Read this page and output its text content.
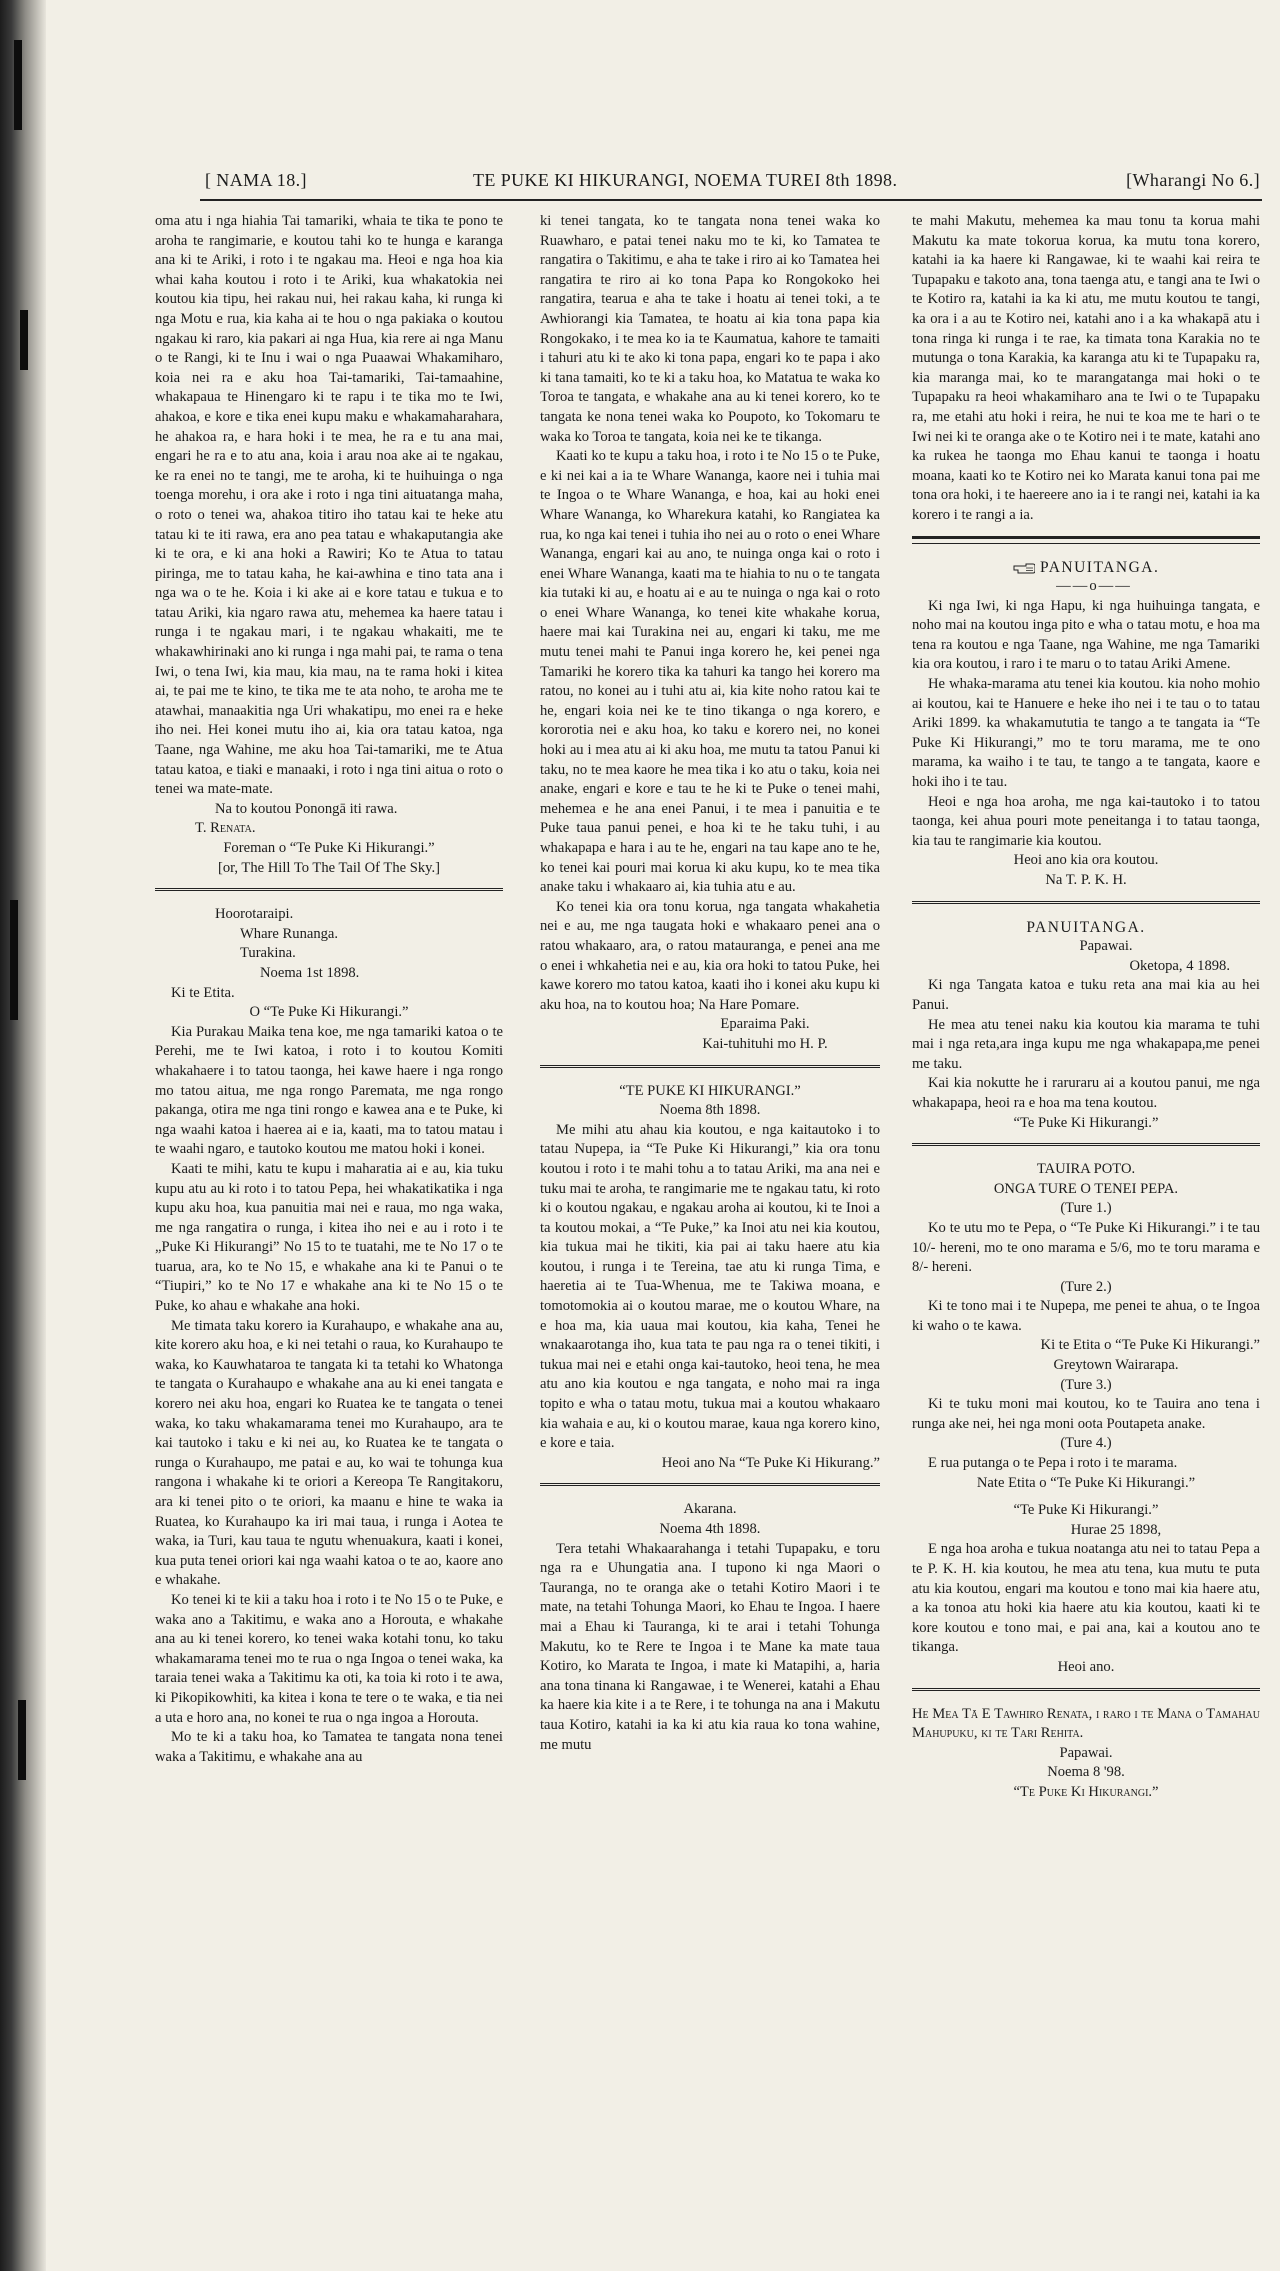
[ NAMA 18.]	TE PUKE KI HIKURANGI, NOEMA TUREI 8th 1898.	[Wharangi No 6.]

oma atu i nga hiahia Tai tamariki, whaia te tika te pono te aroha te rangimarie, e koutou tahi ko te hunga e karanga ana ki te Ariki, i roto i te ngakau ma. Heoi e nga hoa kia whai kaha koutou i roto i te Ariki, kua whakatokia nei koutou kia tipu, hei rakau nui, hei rakau kaha, ki runga ki nga Motu e rua, kia kaha ai te hou o nga pakiaka o koutou ngakau ki raro, kia pakari ai nga Hua, kia rere ai nga Manu o te Rangi, ki te Inu i wai o nga Puaawai Whakamiharo, koia nei ra e aku hoa Tai-tamariki, Tai-tamaahine, whakapaua te Hinengaro ki te rapu i te tika mo te Iwi, ahakoa, e kore e tika enei kupu maku e whakamaharahara, he ahakoa ra, e hara hoki i te mea, he ra e tu ana mai, engari he ra e to atu ana, koia i arau noa ake ai te ngakau, ke ra enei no te tangi, me te aroha, ki te huihuinga o nga toenga morehu, i ora ake i roto i nga tini aituatanga maha, o roto o tenei wa, ahakoa titiro iho tatau kai te heke atu tatau ki te iti rawa, era ano pea tatau e whakaputangia ake ki te ora, e ki ana hoki a Rawiri; Ko te Atua to tatau piringa, me to tatau kaha, he kai-awhina e tino tata ana i nga wa o te he. Koia i ki ake ai e kore tatau e tukua e to tatau Ariki, kia ngaro rawa atu, mehemea ka haere tatau i runga i te ngakau mari, i te ngakau whakaiti, me te whakawhirinaki ano ki runga i nga mahi pai, te rama o tena Iwi, o tena Iwi, kia mau, kia mau, na te rama hoki i kitea ai, te pai me te kino, te tika me te ata noho, te aroha me te atawhai, manaakitia nga Uri whakatipu, mo enei ra e heke iho nei. Hei konei mutu iho ai, kia ora tatau katoa, nga Taane, nga Wahine, me aku hoa Tai-tamariki, me te Atua tatau katoa, e tiaki e manaaki, i roto i nga tini aitua o roto o tenei wa mate-mate.

Na to koutou Ponongā iti rawa.

T. Renata.

Foreman o “Te Puke Ki Hikurangi.”

[or, The Hill To The Tail Of The Sky.]

Hoorotaraipi.

Whare Runanga.

Turakina.

Noema 1st 1898.

Ki te Etita.

O “Te Puke Ki Hikurangi.”

Kia Purakau Maika tena koe, me nga tamariki katoa o te Perehi, me te Iwi katoa, i roto i to koutou Komiti whakahaere i to tatou taonga, hei kawe haere i nga rongo mo tatou aitua, me nga rongo Paremata, me nga rongo pakanga, otira me nga tini rongo e kawea ana e te Puke, ki nga waahi katoa i haerea ai e ia, kaati, ma to tatou matau i te waahi ngaro, e tautoko koutou me matou hoki i konei.

Kaati te mihi, katu te kupu i maharatia ai e au, kia tuku kupu atu au ki roto i to tatou Pepa, hei whakatikatika i nga kupu aku hoa, kua panuitia mai nei e raua, mo nga waka, me nga rangatira o runga, i kitea iho nei e au i roto i te „Puke Ki Hikurangi” No 15 to te tuatahi, me te No 17 o te tuarua, ara, ko te No 15, e whakahe ana ki te Panui o te “Tiupiri,” ko te No 17 e whakahe ana ki te No 15 o te Puke, ko ahau e whakahe ana hoki.

Me timata taku korero ia Kurahaupo, e whakahe ana au, kite korero aku hoa, e ki nei tetahi o raua, ko Kurahaupo te waka, ko Kauwhataroa te tangata ki ta tetahi ko Whatonga te tangata o Kurahaupo e whakahe ana au ki enei tangata e korero nei aku hoa, engari ko Ruatea ke te tangata o tenei waka, ko taku whakamarama tenei mo Kurahaupo, ara te kai tautoko i taku e ki nei au, ko Ruatea ke te tangata o runga o Kurahaupo, me patai e au, ko wai te tohunga kua rangona i whakahe ki te oriori a Kereopa Te Rangitakoru, ara ki tenei pito o te oriori, ka maanu e hine te waka ia Ruatea, ko Kurahaupo ka iri mai taua, i runga i Aotea te waka, ia Turi, kau taua te ngutu whenuakura, kaati i konei, kua puta tenei oriori kai nga waahi katoa o te ao, kaore ano e whakahe.

Ko tenei ki te kii a taku hoa i roto i te No 15 o te Puke, e waka ano a Takitimu, e waka ano a Horouta, e whakahe ana au ki tenei korero, ko tenei waka kotahi tonu, ko taku whakamarama tenei mo te rua o nga Ingoa o tenei waka, ka taraia tenei waka a Takitimu ka oti, ka toia ki roto i te awa, ki Pikopikowhiti, ka kitea i kona te tere o te waka, e tia nei a uta e horo ana, no konei te rua o nga ingoa a Horouta.

Mo te ki a taku hoa, ko Tamatea te tangata nona tenei waka a Takitimu, e whakahe ana au

ki tenei tangata, ko te tangata nona tenei waka ko Ruawharo, e patai tenei naku mo te ki, ko Tamatea te rangatira o Takitimu, e aha te take i riro ai ko Tamatea hei rangatira te riro ai ko tona Papa ko Rongokoko hei rangatira, tearua e aha te take i hoatu ai tenei toki, a te Awhiorangi kia Tamatea, te hoatu ai kia tona papa kia Rongokako, i te mea ko ia te Kaumatua, kahore te tamaiti i tahuri atu ki te ako ki tona papa, engari ko te papa i ako ki tana tamaiti, ko te ki a taku hoa, ko Matatua te waka ko Toroa te tangata, e whakahe ana au ki tenei korero, ko te tangata ke nona tenei waka ko Poupoto, ko Tokomaru te waka ko Toroa te tangata, koia nei ke te tikanga.

Kaati ko te kupu a taku hoa, i roto i te No 15 o te Puke, e ki nei kai a ia te Whare Wananga, kaore nei i tuhia mai te Ingoa o te Whare Wananga, e hoa, kai au hoki enei Whare Wananga, ko Wharekura katahi, ko Rangiatea ka rua, ko nga kai tenei i tuhia iho nei au o roto o enei Whare Wananga, engari kai au ano, te nuinga onga kai o roto i enei Whare Wananga, kaati ma te hiahia to nu o te tangata kia tutaki ki au, e hoatu ai e au te nuinga o nga kai o roto o enei Whare Wananga, ko tenei kite whakahe korua, haere mai kai Turakina nei au, engari ki taku, me me mutu tenei mahi te Panui inga korero he, kei penei nga Tamariki he korero tika ka tahuri ka tango hei korero ma ratou, no konei au i tuhi atu ai, kia kite noho ratou kai te he, engari koia nei ke te tino tikanga o nga korero, e kororotia nei e aku hoa, ko taku e korero nei, no konei hoki au i mea atu ai ki aku hoa, me mutu ta tatou Panui ki taku, no te mea kaore he mea tika i ko atu o taku, koia nei anake, engari e kore e tau te he ki te Puke o tenei mahi, mehemea e he ana enei Panui, i te mea i panuitia e te Puke taua panui penei, e hoa ki te he taku tuhi, i au whakapapa e hara i au te he, engari na tau kape ano te he, ko tenei kai pouri mai korua ki aku kupu, ko te mea tika anake taku i whakaaro ai, kia tuhia atu e au.

Ko tenei kia ora tonu korua, nga tangata whakahetia nei e au, me nga taugata hoki e whakaaro penei ana o ratou whakaaro, ara, o ratou matauranga, e penei ana me o enei i whkahetia nei e au, kia ora hoki to tatou Puke, hei kawe korero mo tatou katoa, kaati iho i konei aku kupu ki aku hoa, na to koutou hoa; Na Hare Pomare.

Eparaima Paki.

Kai-tuhituhi mo H. P.

“TE PUKE KI HIKURANGI.”

Noema 8th 1898.

Me mihi atu ahau kia koutou, e nga kaitautoko i to tatau Nupepa, ia “Te Puke Ki Hikurangi,” kia ora tonu koutou i roto i te mahi tohu a to tatau Ariki, ma ana nei e tuku mai te aroha, te rangimarie me te ngakau tatu, ki roto ki o koutou ngakau, e ngakau aroha ai koutou, ki te Inoi a ta koutou mokai, a “Te Puke,” ka Inoi atu nei kia koutou, kia tukua mai he tikiti, kia pai ai taku haere atu kia koutou, i runga i te Tereina, tae atu ki runga Tima, e haeretia ai te Tua-Whenua, me te Takiwa moana, e tomotomokia ai o koutou marae, me o koutou Whare, na e hoa ma, kia uaua mai koutou, kia kaha, Tenei he wnakaarotanga iho, kua tata te pau nga ra o tenei tikiti, i tukua mai nei e etahi onga kai-tautoko, heoi tena, he mea atu ano kia koutou e nga tangata, e noho mai ra inga topito e wha o tatau motu, tukua mai a koutou whakaaro kia wahaia e au, ki o koutou marae, kaua nga korero kino, e kore e taia.

Heoi ano Na “Te Puke Ki Hikurang.”

Akarana.

Noema 4th 1898.

Tera tetahi Whakaarahanga i tetahi Tupapaku, e toru nga ra e Uhungatia ana. I tupono ki nga Maori o Tauranga, no te oranga ake o tetahi Kotiro Maori i te mate, na tetahi Tohunga Maori, ko Ehau te Ingoa. I haere mai a Ehau ki Tauranga, ki te arai i tetahi Tohunga Makutu, ko te Rere te Ingoa i te Mane ka mate taua Kotiro, ko Marata te Ingoa, i mate ki Matapihi, a, haria ana tona tinana ki Rangawae, i te Wenerei, katahi a Ehau ka haere kia kite i a te Rere, i te tohunga na ana i Makutu taua Kotiro, katahi ia ka ki atu kia raua ko tona wahine, me mutu

te mahi Makutu, mehemea ka mau tonu ta korua mahi Makutu ka mate tokorua korua, ka mutu tona korero, katahi ia ka haere ki Rangawae, ki te waahi kai reira te Tupapaku e takoto ana, tona taenga atu, e tangi ana te Iwi o te Kotiro ra, katahi ia ka ki atu, me mutu koutou te tangi, ka ora i a au te Kotiro nei, katahi ano i a ka whakapā atu i tona ringa ki runga i te rae, ka timata tona Karakia no te mutunga o tona Karakia, ka karanga atu ki te Tupapaku ra, kia maranga mai, ko te marangatanga mai hoki o te Tupapaku ra heoi whakamiharo ana te Iwi o te Tupapaku ra, me etahi atu hoki i reira, he nui te koa me te hari o te Iwi nei ki te oranga ake o te Kotiro nei i te mate, katahi ano ka rukea he taonga mo Ehau kanui te taonga i hoatu moana, kaati ko te Kotiro nei ko Marata kanui tona pai me tona ora hoki, i te haereere ano ia i te rangi nei, katahi ia ka korero i te rangi a ia.

PANUITANGA.

——o——

Ki nga Iwi, ki nga Hapu, ki nga huihuinga tangata, e noho mai na koutou inga pito e wha o tatau motu, e hoa ma tena ra koutou e nga Taane, nga Wahine, me nga Tamariki kia ora koutou, i raro i te maru o to tatau Ariki Amene.

He whaka-marama atu tenei kia koutou. kia noho mohio ai koutou, kai te Hanuere e heke iho nei i te tau o to tatau Ariki 1899. ka whakamututia te tango a te tangata ia “Te Puke Ki Hikurangi,” mo te toru marama, me te ono marama, ka waiho i te tau, te tango a te tangata, kaore e hoki iho i te tau.

Heoi e nga hoa aroha, me nga kai-tautoko i to tatou taonga, kei ahua pouri mote peneitanga i to tatau taonga, kia tau te rangimarie kia koutou.

Heoi ano kia ora koutou.

Na T. P. K. H.

PANUITANGA.

Papawai.

Oketopa, 4 1898.

Ki nga Tangata katoa e tuku reta ana mai kia au hei Panui.

He mea atu tenei naku kia koutou kia marama te tuhi mai i nga reta,ara inga kupu me nga whakapapa,me penei me taku.

Kai kia nokutte he i raruraru ai a koutou panui, me nga whakapapa, heoi ra e hoa ma tena koutou.

“Te Puke Ki Hikurangi.”

TAUIRA POTO.

ONGA TURE O TENEI PEPA.

(Ture 1.)

Ko te utu mo te Pepa, o “Te Puke Ki Hikurangi.” i te tau 10/- hereni, mo te ono marama e 5/6, mo te toru marama e 8/- hereni.

(Ture 2.)

Ki te tono mai i te Nupepa, me penei te ahua, o te Ingoa ki waho o te kawa.

Ki te Etita o “Te Puke Ki Hikurangi.”

Greytown Wairarapa.

(Ture 3.)

Ki te tuku moni mai koutou, ko te Tauira ano tena i runga ake nei, hei nga moni oota Poutapeta anake.

(Ture 4.)

E rua putanga o te Pepa i roto i te marama.

Nate Etita o “Te Puke Ki Hikurangi.”

“Te Puke Ki Hikurangi.”

Hurae 25 1898,

E nga hoa aroha e tukua noatanga atu nei to tatau Pepa a te P. K. H. kia koutou, he mea atu tena, kua mutu te puta atu kia koutou, engari ma koutou e tono mai kia haere atu, a ka tonoa atu hoki kia haere atu kia koutou, kaati ki te kore koutou e tono mai, e pai ana, kai a koutou ano te tikanga.

Heoi ano.

He Mea Tā E Tawhiro Renata, i raro i te Mana o Tamahau Mahupuku, ki te Tari Rehita.

Papawai.

Noema 8 '98.

“Te Puke Ki Hikurangi.”
